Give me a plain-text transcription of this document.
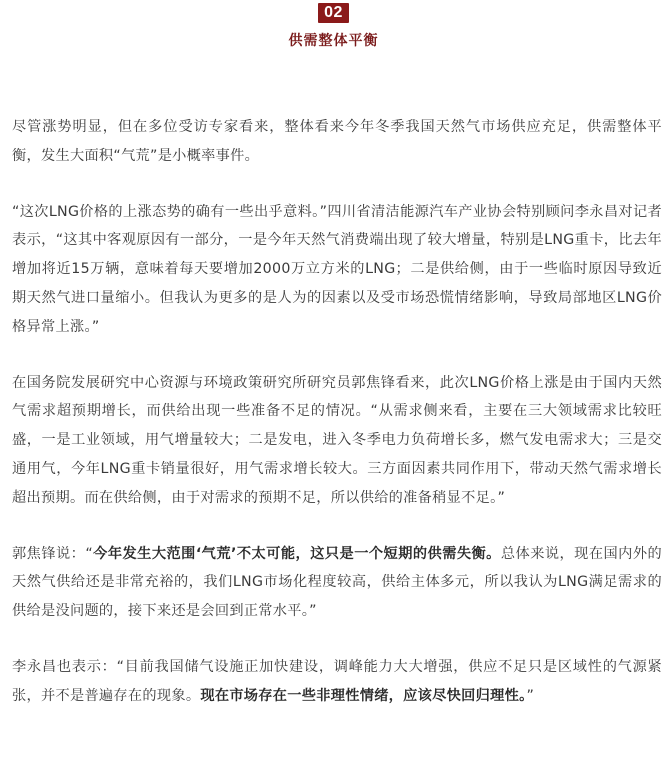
02
供需整体平衡

尽管涨势明显，但在多位受访专家看来，整体看来今年冬季我国天然气市场供应充足，供需整体平衡，发生大面积“气荒”是小概率事件。

“这次LNG价格的上涨态势的确有一些出乎意料。”四川省清洁能源汽车产业协会特别顾问李永昌对记者表示，“这其中客观原因有一部分，一是今年天然气消费端出现了较大增量，特别是LNG重卡，比去年增加将近15万辆，意味着每天要增加2000万立方米的LNG；二是供给侧，由于一些临时原因导致近期天然气进口量缩小。但我认为更多的是人为的因素以及受市场恐慌情绪影响，导致局部地区LNG价格异常上涨。”

在国务院发展研究中心资源与环境政策研究所研究员郭焦锋看来，此次LNG价格上涨是由于国内天然气需求超预期增长，而供给出现一些准备不足的情况。“从需求侧来看，主要在三大领域需求比较旺盛，一是工业领域，用气增量较大；二是发电，进入冬季电力负荷增长多，燃气发电需求大；三是交通用气，今年LNG重卡销量很好，用气需求增长较大。三方面因素共同作用下，带动天然气需求增长超出预期。而在供给侧，由于对需求的预期不足，所以供给的准备稍显不足。”

郭焦锋说：“今年发生大范围‘气荒’不太可能，这只是一个短期的供需失衡。总体来说，现在国内外的天然气供给还是非常充裕的，我们LNG市场化程度较高，供给主体多元，所以我认为LNG满足需求的供给是没问题的，接下来还是会回到正常水平。”

李永昌也表示：“目前我国储气设施正加快建设，调峰能力大大增强，供应不足只是区域性的气源紧张，并不是普遍存在的现象。现在市场存在一些非理性情绪，应该尽快回归理性。”
